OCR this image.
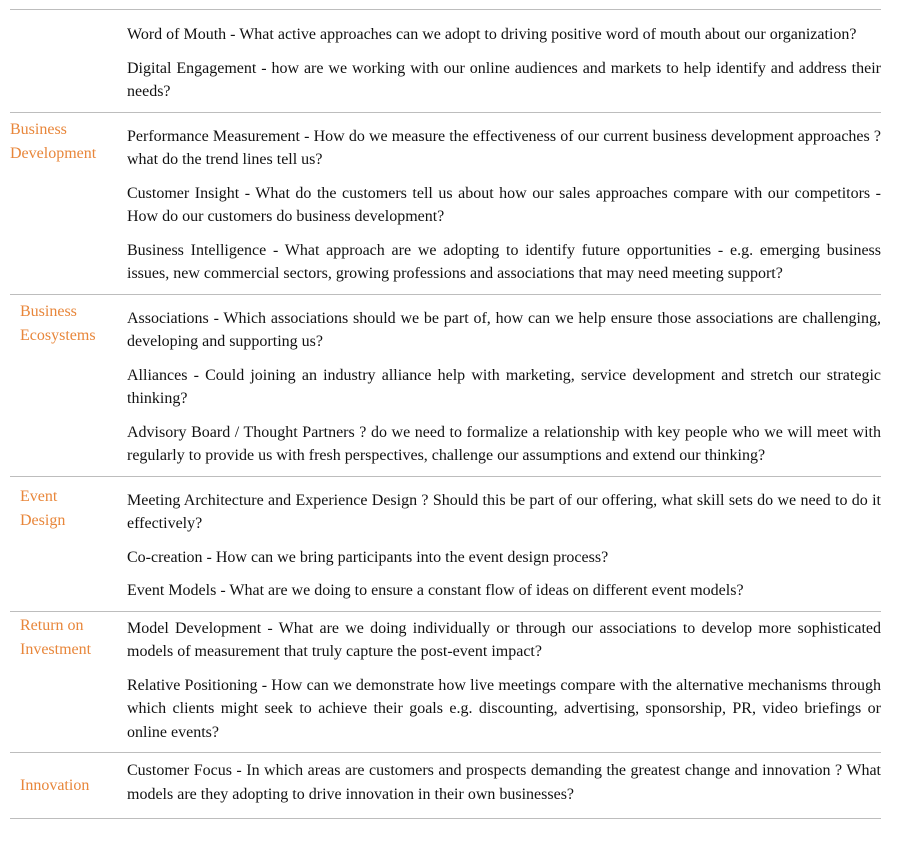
Word of Mouth - What active approaches can we adopt to driving positive word of mouth about our organization?

Digital Engagement - how are we working with our online audiences and markets to help identify and address their needs?

Business
Development

Performance Measurement - How do we measure the effectiveness of our current business development approaches ? what do the trend lines tell us?

Customer Insight - What do the customers tell us about how our sales approaches compare with our competitors - How do our customers do business development?

Business Intelligence - What approach are we adopting to identify future opportunities - e.g. emerging business issues, new commercial sectors, growing professions and associations that may need meeting support?

Business
Ecosystems

Associations - Which associations should we be part of, how can we help ensure those associations are challenging, developing and supporting us?

Alliances - Could joining an industry alliance help with marketing, service development and stretch our strategic thinking?

Advisory Board / Thought Partners ? do we need to formalize a relationship with key people who we will meet with regularly to provide us with fresh perspectives, challenge our assumptions and extend our thinking?

Event
Design

Meeting Architecture and Experience Design ? Should this be part of our offering, what skill sets do we need to do it effectively?

Co-creation - How can we bring participants into the event design process?

Event Models - What are we doing to ensure a constant flow of ideas on different event models?

Return on
Investment

Model Development - What are we doing individually or through our associations to develop more sophisticated models of measurement that truly capture the post-event impact?

Relative Positioning - How can we demonstrate how live meetings compare with the alternative mechanisms through which clients might seek to achieve their goals e.g. discounting, advertising, sponsorship, PR, video briefings or online events?

Innovation

Customer Focus - In which areas are customers and prospects demanding the greatest change and innovation ? What models are they adopting to drive innovation in their own businesses?
